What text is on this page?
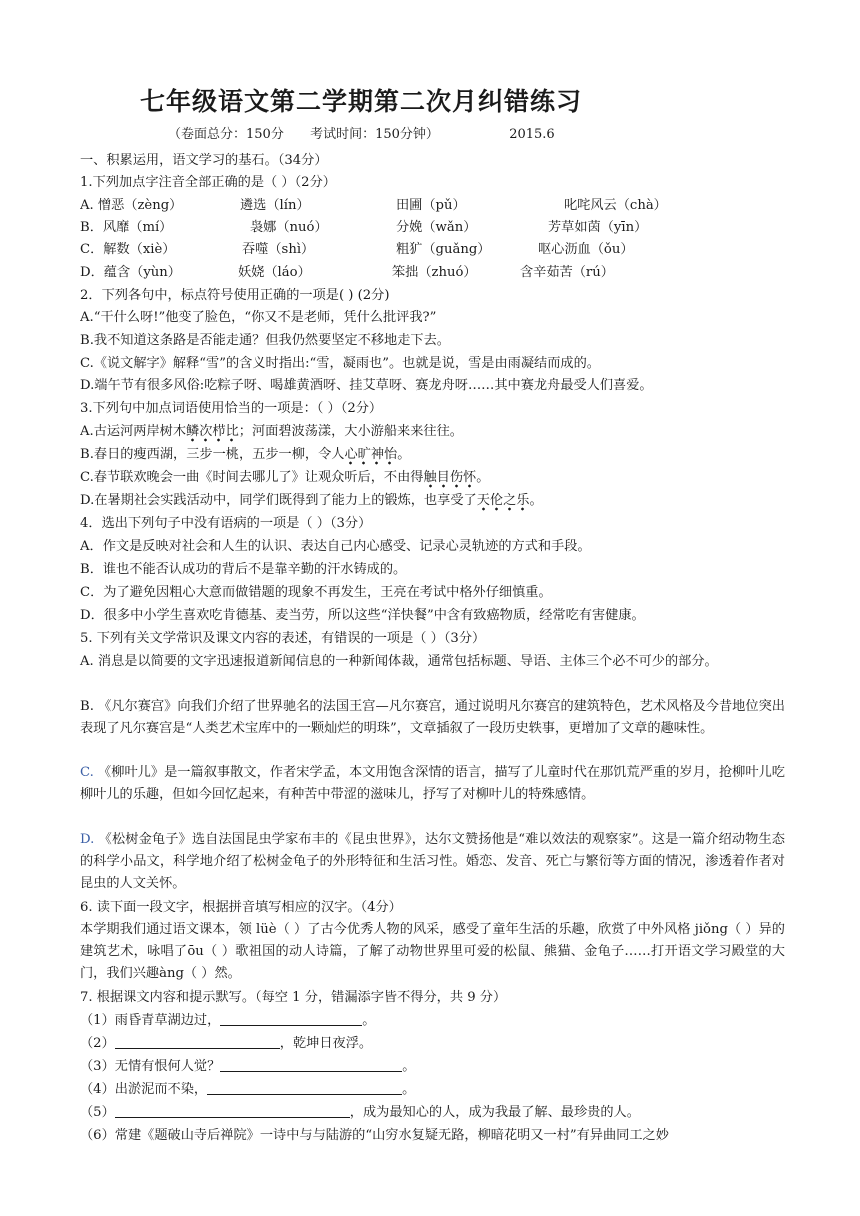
七年级语文第二学期第二次月纠错练习
（卷面总分：150分 考试时间：150分钟）	2015.6
一、积累运用，语文学习的基石。（34分）
1.下列加点字注音全部正确的是（ ）（2分）
A. 憎恶（zèng）	遴选（lín）	田圃（pǔ）	叱咤风云（chà）
B．风靡（mí）	袅娜（nuó）	分娩（wǎn）	芳草如茵（yīn）
C．解数（xiè）	吞噬（shì）	粗犷（guǎng）	呕心沥血（ǒu）
D．蕴含（yùn）	妖娆（láo）	笨拙（zhuó）	含辛茹苦（rú）
2．下列各句中，标点符号使用正确的一项是( ) (2分)
A.“干什么呀!”他变了脸色，“你又不是老师，凭什么批评我?”
B.我不知道这条路是否能走通？但我仍然要坚定不移地走下去。
C.《说文解字》解释“雪”的含义时指出:“雪，凝雨也”。也就是说，雪是由雨凝结而成的。
D.端午节有很多风俗:吃粽子呀、喝雄黄酒呀、挂艾草呀、赛龙舟呀……其中赛龙舟最受人们喜爱。
3.下列句中加点词语使用恰当的一项是：（ ）（2分）
A.古运河两岸树木鳞次栉比；河面碧波荡漾，大小游船来来往往。
B.春日的瘦西湖，三步一桃，五步一柳，令人心旷神怡。
C.春节联欢晚会一曲《时间去哪儿了》让观众听后，不由得触目伤怀。
D.在暑期社会实践活动中，同学们既得到了能力上的锻炼，也享受了天伦之乐。
4．选出下列句子中没有语病的一项是（ ）（3分）
A．作文是反映对社会和人生的认识、表达自己内心感受、记录心灵轨迹的方式和手段。
B．谁也不能否认成功的背后不是靠辛勤的汗水铸成的。
C．为了避免因粗心大意而做错题的现象不再发生，王亮在考试中格外仔细慎重。
D．很多中小学生喜欢吃肯德基、麦当劳，所以这些“洋快餐”中含有致癌物质，经常吃有害健康。
5. 下列有关文学常识及课文内容的表述，有错误的一项是（ ）（3分）
A. 消息是以简要的文字迅速报道新闻信息的一种新闻体裁，通常包括标题、导语、主体三个必不可少的部分。
B. 《凡尔赛宫》向我们介绍了世界驰名的法国王宫—凡尔赛宫，通过说明凡尔赛宫的建筑特色，艺术风格及今昔地位突出表现了凡尔赛宫是“人类艺术宝库中的一颗灿烂的明珠”，文章插叙了一段历史轶事，更增加了文章的趣味性。
C. 《柳叶儿》是一篇叙事散文，作者宋学孟，本文用饱含深情的语言，描写了儿童时代在那饥荒严重的岁月，抢柳叶儿吃柳叶儿的乐趣，但如今回忆起来，有种苦中带涩的滋味儿，抒写了对柳叶儿的特殊感情。
D. 《松树金龟子》选自法国昆虫学家布丰的《昆虫世界》，达尔文赞扬他是“难以效法的观察家”。这是一篇介绍动物生态的科学小品文，科学地介绍了松树金龟子的外形特征和生活习性。婚恋、发音、死亡与繁衍等方面的情况，渗透着作者对昆虫的人文关怀。
6. 读下面一段文字，根据拼音填写相应的汉字。（4分）
本学期我们通过语文课本，领 lüè（ ）了古今优秀人物的风采，感受了童年生活的乐趣，欣赏了中外风格 jiǒng（ ）异的建筑艺术，咏唱了ōu（ ）歌祖国的动人诗篇，了解了动物世界里可爱的松鼠、熊猫、金龟子……打开语文学习殿堂的大门，我们兴趣àng（ ）然。
7. 根据课文内容和提示默写。（每空 1 分，错漏添字皆不得分，共 9 分）
（1）雨昏青草湖边过，	。
（2）	，乾坤日夜浮。
（3）无情有恨何人觉？	。
（4）出淤泥而不染，	。
（5）	，成为最知心的人，成为我最了解、最珍贵的人。
（6）常建《题破山寺后禅院》一诗中与与陆游的“山穷水复疑无路，柳暗花明又一村”有异曲同工之妙
